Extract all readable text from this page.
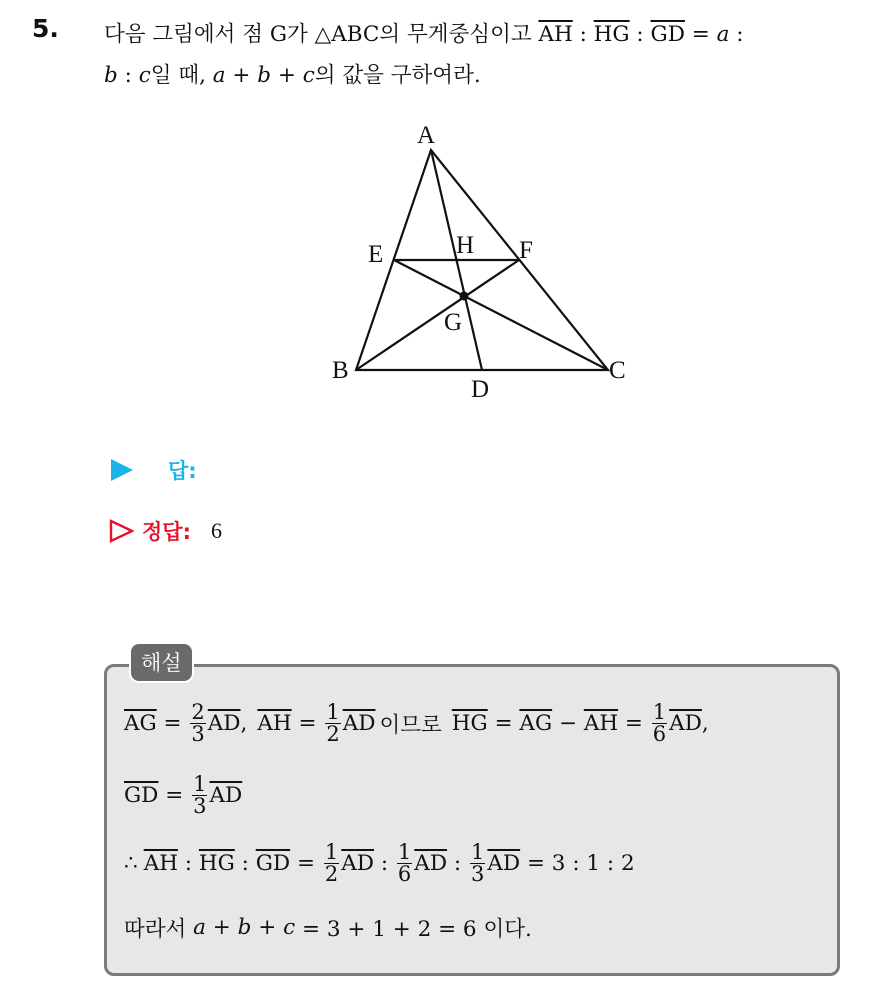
5. 다음 그림에서 점 G가 △ABC의 무게중심이고 $\overline{AH}$ : $\overline{HG}$ : $\overline{GD} = a$ :
b : c일 때, a + b + c의 값을 구하여라.
A
B	C
D
E	F
G
H
답:
정답: 6
해설
$\overline{AG} = \frac{2}{3} \overline{AD}$ , $\overline{AH} = \frac{1}{2} \overline{AD}$ 이므로 $\overline{HG} = \overline{AG} - \overline{AH} = \frac{1}{6} \overline{AD}$ ,
$\overline{GD} = \frac{1}{3} \overline{AD}$
∴ $\overline{AH}$ : $\overline{HG}$ : $\overline{GD} = \frac{1}{2} \overline{AD}$ : $\frac{1}{6} \overline{AD}$ : $\frac{1}{3} \overline{AD} = 3$ : 1 : 2
따라서 a + b + c = 3 + 1 + 2 = 6 이다.
